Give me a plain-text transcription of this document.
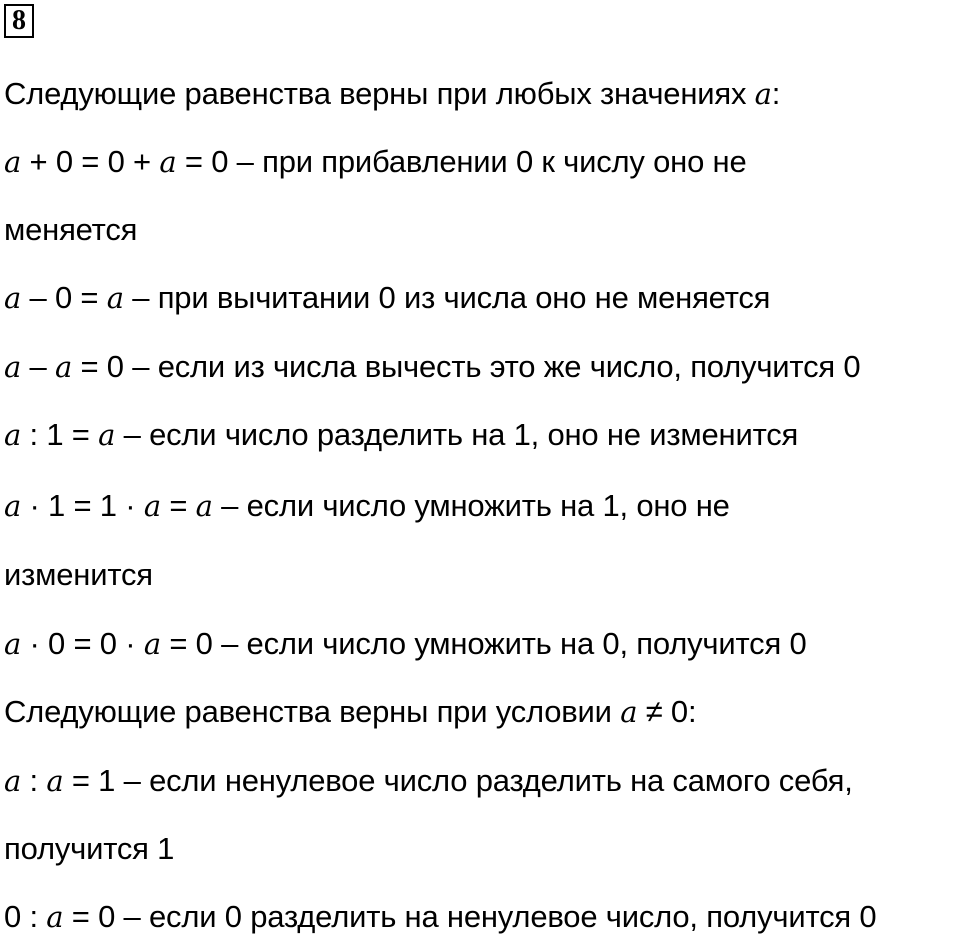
8
Следующие равенства верны при любых значениях a:
a + 0 = 0 + a = 0 – при прибавлении 0 к числу оно не
меняется
a – 0 = a – при вычитании 0 из числа оно не меняется
a – a = 0 – если из числа вычесть это же число, получится 0
a : 1 = a – если число разделить на 1, оно не изменится
a · 1 = 1 · a = a – если число умножить на 1, оно не
изменится
a · 0 = 0 · a = 0 – если число умножить на 0, получится 0
Следующие равенства верны при условии a ≠ 0:
a : a = 1 – если ненулевое число разделить на самого себя,
получится 1
0 : a = 0 – если 0 разделить на ненулевое число, получится 0
